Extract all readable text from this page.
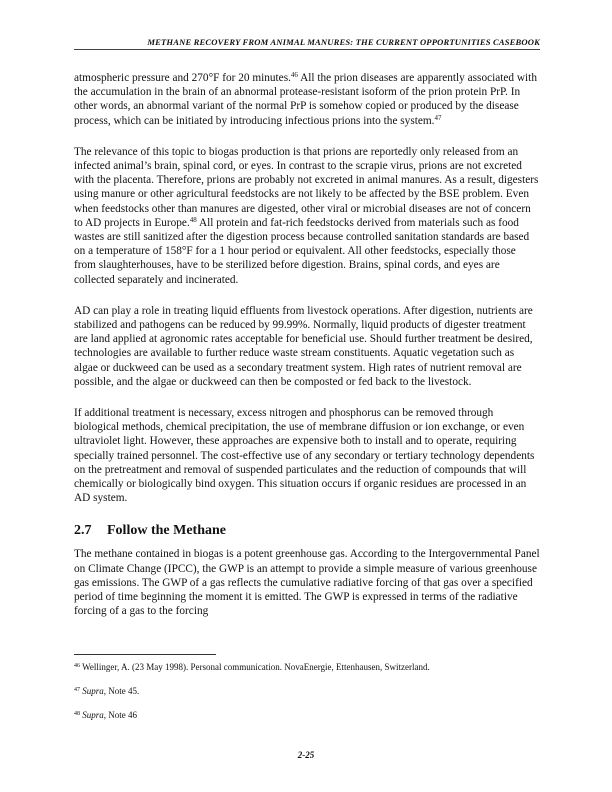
METHANE RECOVERY FROM ANIMAL MANURES: THE CURRENT OPPORTUNITIES CASEBOOK

atmospheric pressure and 270°F for 20 minutes.$^{46}$ All the prion diseases are apparently associated with the accumulation in the brain of an abnormal protease-resistant isoform of the prion protein PrP. In other words, an abnormal variant of the normal PrP is somehow copied or produced by the disease process, which can be initiated by introducing infectious prions into the system.$^{47}$

The relevance of this topic to biogas production is that prions are reportedly only released from an infected animal’s brain, spinal cord, or eyes. In contrast to the scrapie virus, prions are not excreted with the placenta. Therefore, prions are probably not excreted in animal manures. As a result, digesters using manure or other agricultural feedstocks are not likely to be affected by the BSE problem. Even when feedstocks other than manures are digested, other viral or microbial diseases are not of concern to AD projects in Europe.$^{48}$ All protein and fat-rich feedstocks derived from materials such as food wastes are still sanitized after the digestion process because controlled sanitation standards are based on a temperature of 158°F for a 1 hour period or equivalent. All other feedstocks, especially those from slaughterhouses, have to be sterilized before digestion. Brains, spinal cords, and eyes are collected separately and incinerated.

AD can play a role in treating liquid effluents from livestock operations. After digestion, nutrients are stabilized and pathogens can be reduced by 99.99%. Normally, liquid products of digester treatment are land applied at agronomic rates acceptable for beneficial use. Should further treatment be desired, technologies are available to further reduce waste stream constituents. Aquatic vegetation such as algae or duckweed can be used as a secondary treatment system. High rates of nutrient removal are possible, and the algae or duckweed can then be composted or fed back to the livestock.

If additional treatment is necessary, excess nitrogen and phosphorus can be removed through biological methods, chemical precipitation, the use of membrane diffusion or ion exchange, or even ultraviolet light. However, these approaches are expensive both to install and to operate, requiring specially trained personnel. The cost-effective use of any secondary or tertiary technology dependents on the pretreatment and removal of suspended particulates and the reduction of compounds that will chemically or biologically bind oxygen. This situation occurs if organic residues are processed in an AD system.

2.7 Follow the Methane

The methane contained in biogas is a potent greenhouse gas. According to the Intergovernmental Panel on Climate Change (IPCC), the GWP is an attempt to provide a simple measure of various greenhouse gas emissions. The GWP of a gas reflects the cumulative radiative forcing of that gas over a specified period of time beginning the moment it is emitted. The GWP is expressed in terms of the radiative forcing of a gas to the forcing

$^{46}$ Wellinger, A. (23 May 1998). Personal communication. NovaEnergie, Ettenhausen, Switzerland.

$^{47}$ Supra, Note 45.

$^{48}$ Supra, Note 46

2-25
